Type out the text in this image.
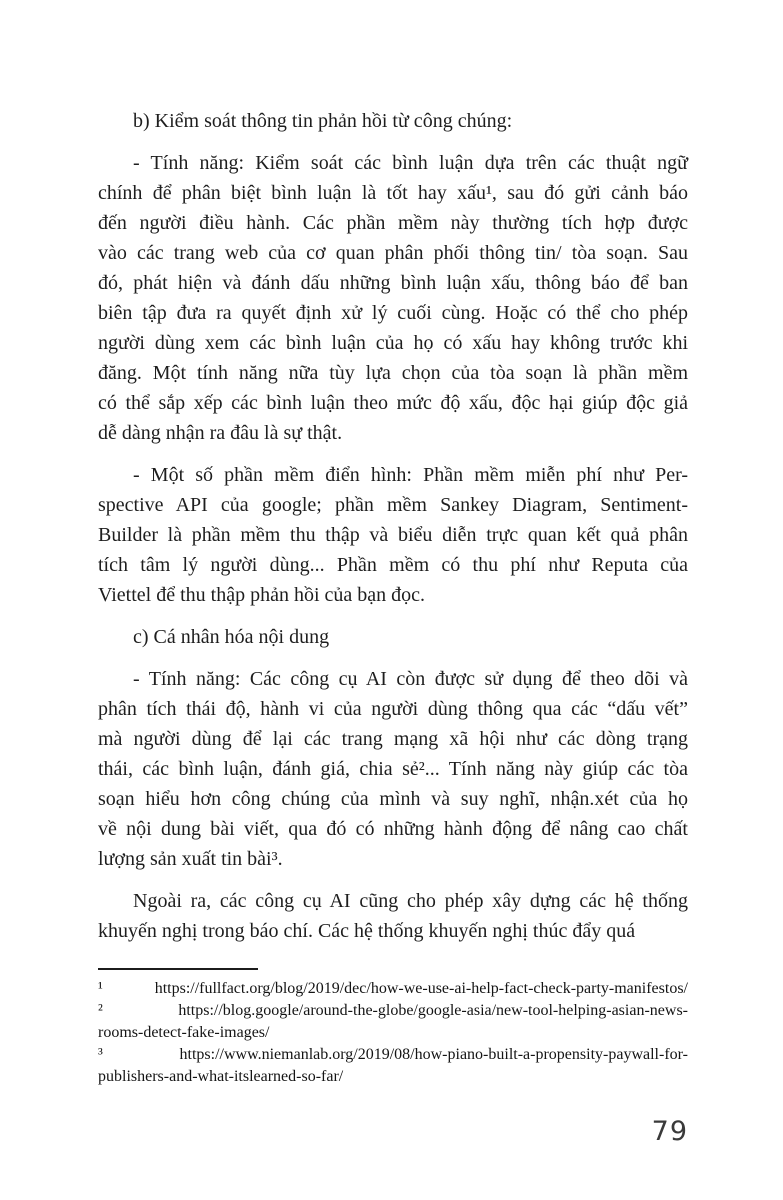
b) Kiểm soát thông tin phản hồi từ công chúng:
- Tính năng: Kiểm soát các bình luận dựa trên các thuật ngữ
chính để phân biệt bình luận là tốt hay xấu¹, sau đó gửi cảnh báo
đến người điều hành. Các phần mềm này thường tích hợp được
vào các trang web của cơ quan phân phối thông tin/ tòa soạn. Sau
đó, phát hiện và đánh dấu những bình luận xấu, thông báo để ban
biên tập đưa ra quyết định xử lý cuối cùng. Hoặc có thể cho phép
người dùng xem các bình luận của họ có xấu hay không trước khi
đăng. Một tính năng nữa tùy lựa chọn của tòa soạn là phần mềm
có thể sắp xếp các bình luận theo mức độ xấu, độc hại giúp độc giả
dễ dàng nhận ra đâu là sự thật.
- Một số phần mềm điển hình: Phần mềm miễn phí như Per-
spective API của google; phần mềm Sankey Diagram, Sentiment-
Builder là phần mềm thu thập và biểu diễn trực quan kết quả phân
tích tâm lý người dùng... Phần mềm có thu phí như Reputa của
Viettel để thu thập phản hồi của bạn đọc.
c) Cá nhân hóa nội dung
- Tính năng: Các công cụ AI còn được sử dụng để theo dõi và
phân tích thái độ, hành vi của người dùng thông qua các “dấu vết”
mà người dùng để lại các trang mạng xã hội như các dòng trạng
thái, các bình luận, đánh giá, chia sẻ²... Tính năng này giúp các tòa
soạn hiểu hơn công chúng của mình và suy nghĩ, nhận.xét của họ
về nội dung bài viết, qua đó có những hành động để nâng cao chất
lượng sản xuất tin bài³.
Ngoài ra, các công cụ AI cũng cho phép xây dựng các hệ thống
khuyến nghị trong báo chí. Các hệ thống khuyến nghị thúc đẩy quá
¹ https://fullfact.org/blog/2019/dec/how-we-use-ai-help-fact-check-party-manifestos/
² https://blog.google/around-the-globe/google-asia/new-tool-helping-asian-news-
rooms-detect-fake-images/
³ https://www.niemanlab.org/2019/08/how-piano-built-a-propensity-paywall-for-
publishers-and-what-itslearned-so-far/
79
